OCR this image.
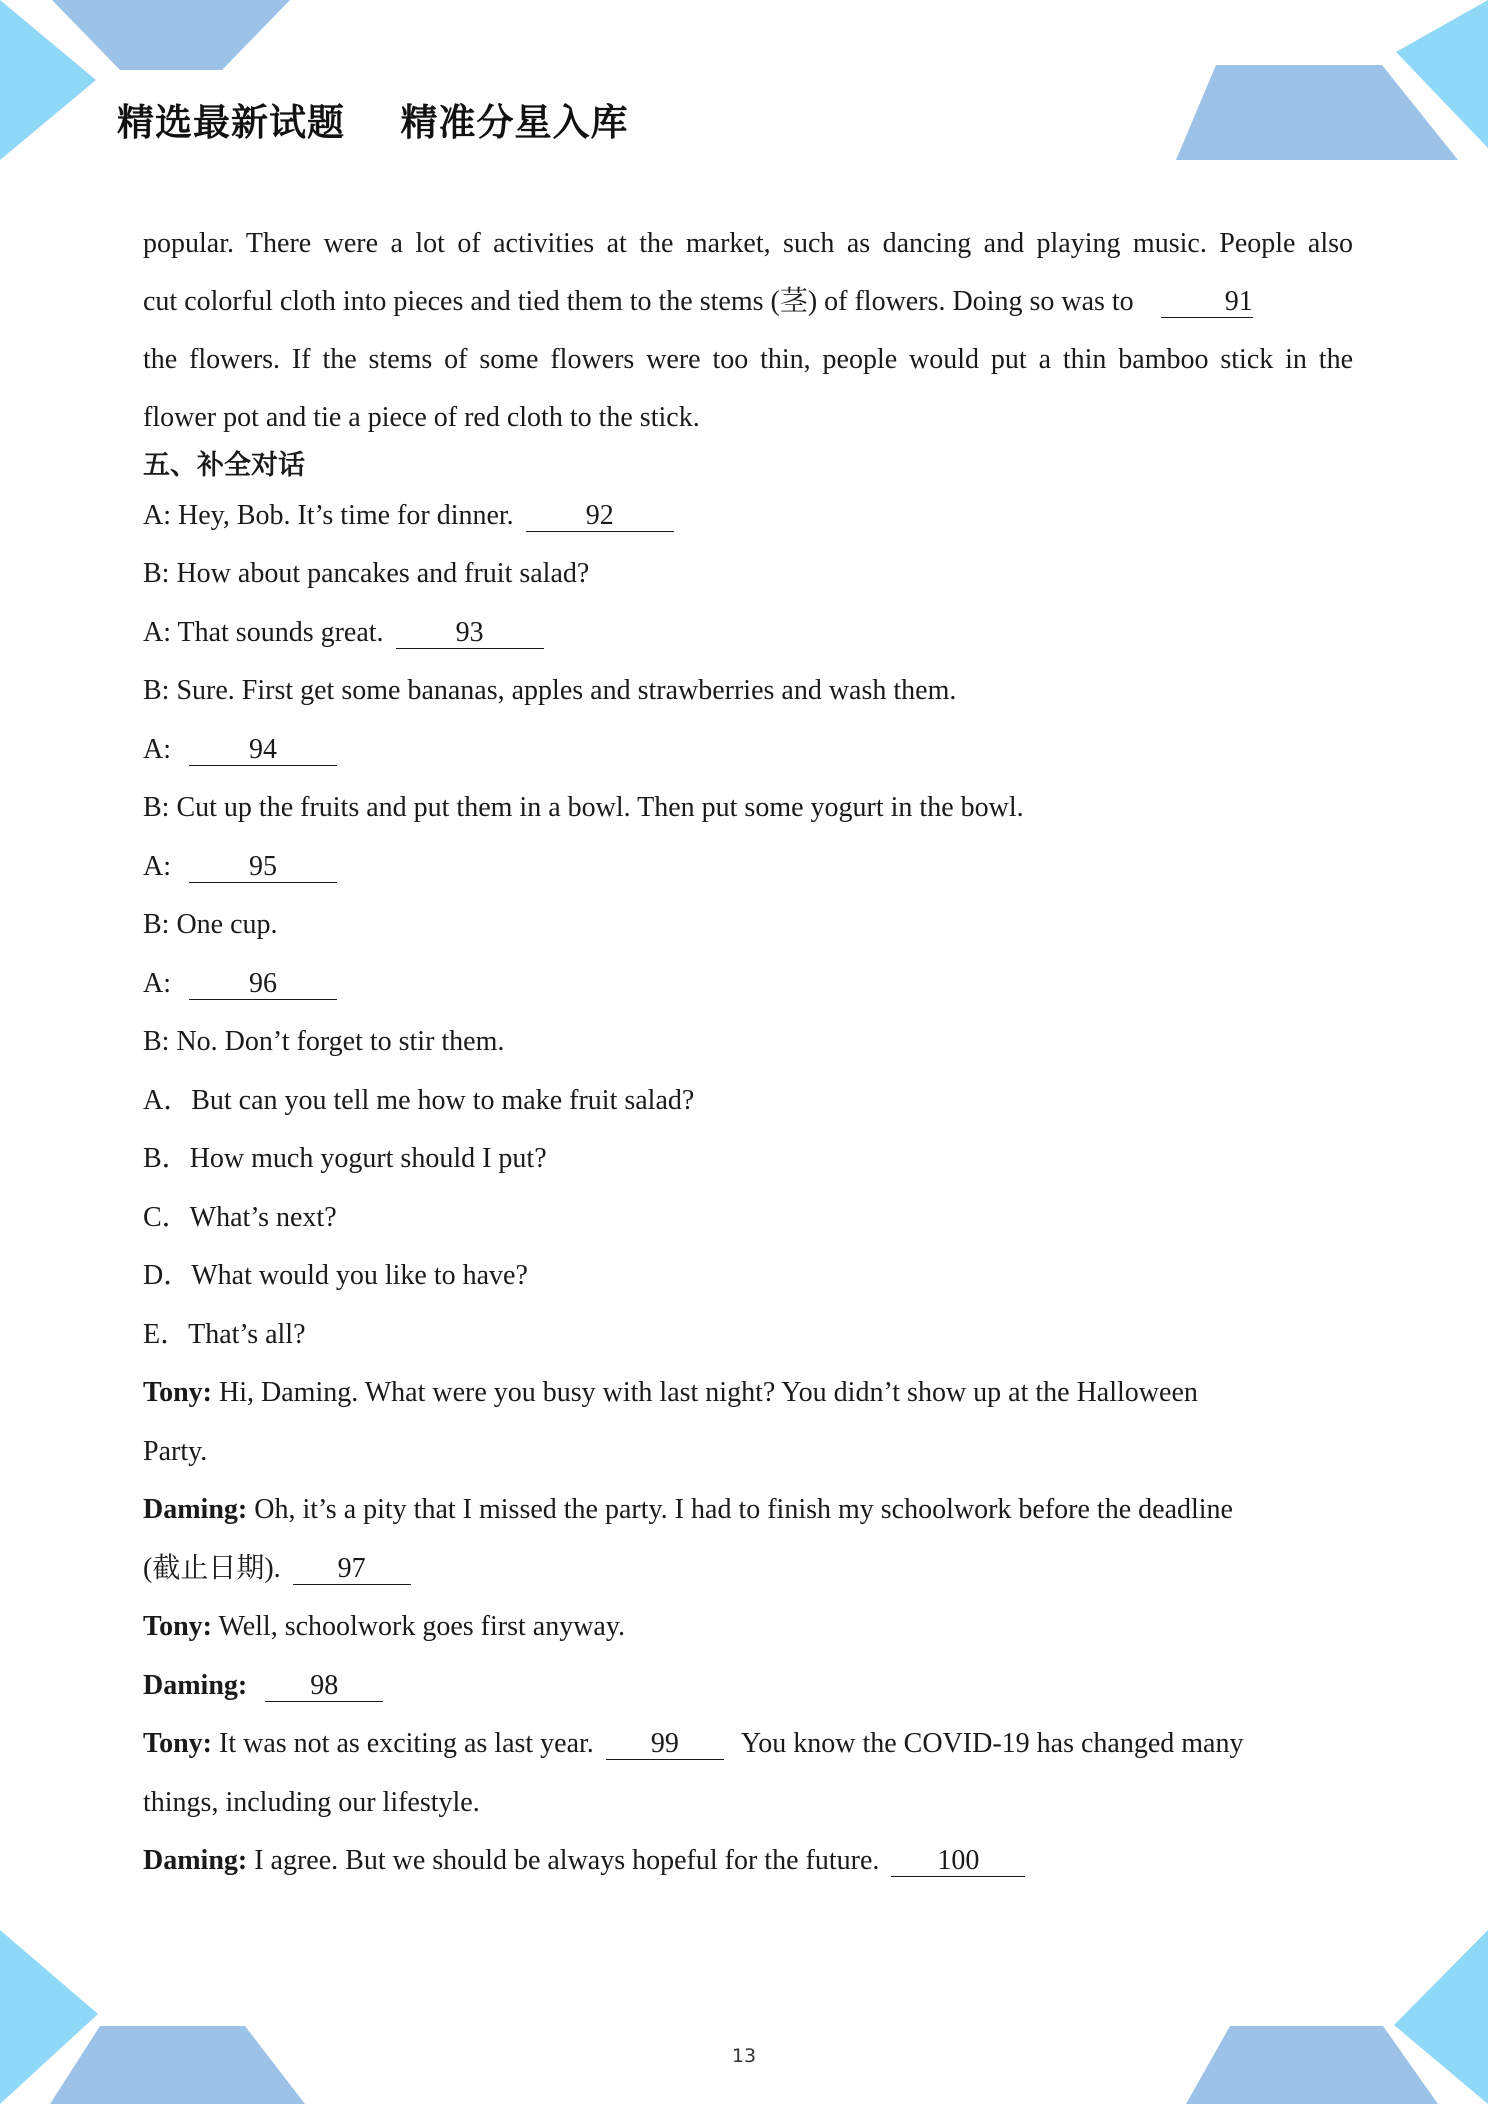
精选最新试题    精准分星入库
popular. There were a lot of activities at the market, such as dancing and playing music. People also
cut colorful cloth into pieces and tied them to the stems (茎) of flowers. Doing so was to	91
the flowers. If the stems of some flowers were too thin, people would put a thin bamboo stick in the
flower pot and tie a piece of red cloth to the stick.
五、补全对话
A: Hey, Bob. It’s time for dinner.	92
B: How about pancakes and fruit salad?
A: That sounds great.	93
B: Sure. First get some bananas, apples and strawberries and wash them.
A:	94
B: Cut up the fruits and put them in a bowl. Then put some yogurt in the bowl.
A:	95
B: One cup.
A:	96
B: No. Don’t forget to stir them.
A．But can you tell me how to make fruit salad?
B．How much yogurt should I put?
C．What’s next?
D．What would you like to have?
E．That’s all?
Tony: Hi, Daming. What were you busy with last night? You didn’t show up at the Halloween
Party.
Daming: Oh, it’s a pity that I missed the party. I had to finish my schoolwork before the deadline
(截止日期). 97
Tony: Well, schoolwork goes first anyway.
Daming: 98
Tony: It was not as exciting as last year. 99 You know the COVID-19 has changed many
things, including our lifestyle.
Daming: I agree. But we should be always hopeful for the future. 100
13
